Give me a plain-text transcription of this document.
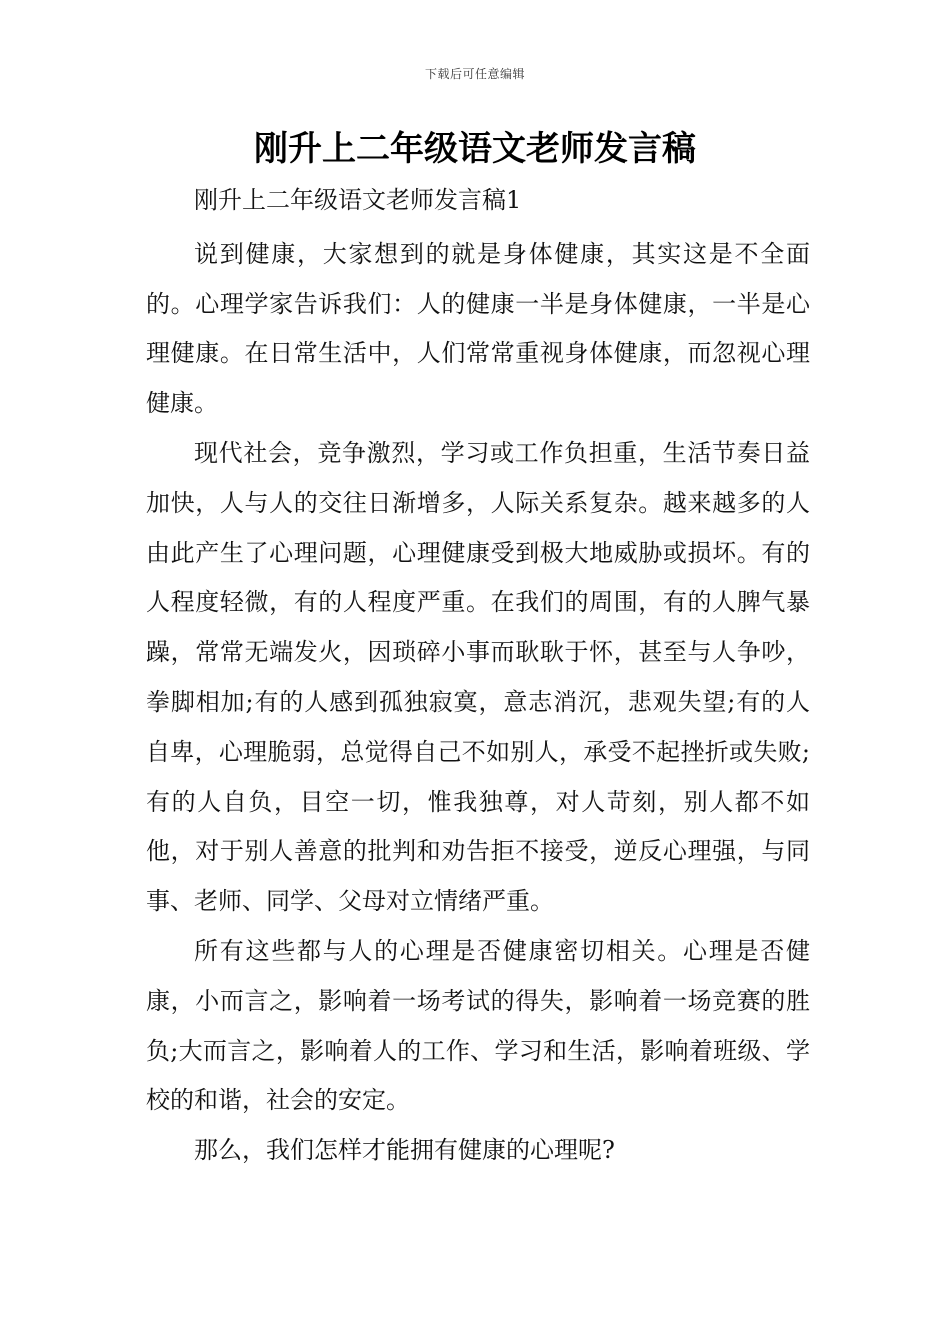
下载后可任意编辑
刚升上二年级语文老师发言稿

刚升上二年级语文老师发言稿1

说到健康，大家想到的就是身体健康，其实这是不全面的。心理学家告诉我们：人的健康一半是身体健康，一半是心理健康。在日常生活中，人们常常重视身体健康，而忽视心理健康。

现代社会，竞争激烈，学习或工作负担重，生活节奏日益加快，人与人的交往日渐增多，人际关系复杂。越来越多的人由此产生了心理问题，心理健康受到极大地威胁或损坏。有的人程度轻微，有的人程度严重。在我们的周围，有的人脾气暴躁，常常无端发火，因琐碎小事而耿耿于怀，甚至与人争吵，拳脚相加;有的人感到孤独寂寞，意志消沉，悲观失望;有的人自卑，心理脆弱，总觉得自己不如别人，承受不起挫折或失败;有的人自负，目空一切，惟我独尊，对人苛刻，别人都不如他，对于别人善意的批判和劝告拒不接受，逆反心理强，与同事、老师、同学、父母对立情绪严重。

所有这些都与人的心理是否健康密切相关。心理是否健康，小而言之，影响着一场考试的得失，影响着一场竞赛的胜负;大而言之，影响着人的工作、学习和生活，影响着班级、学校的和谐，社会的安定。

那么，我们怎样才能拥有健康的心理呢?
